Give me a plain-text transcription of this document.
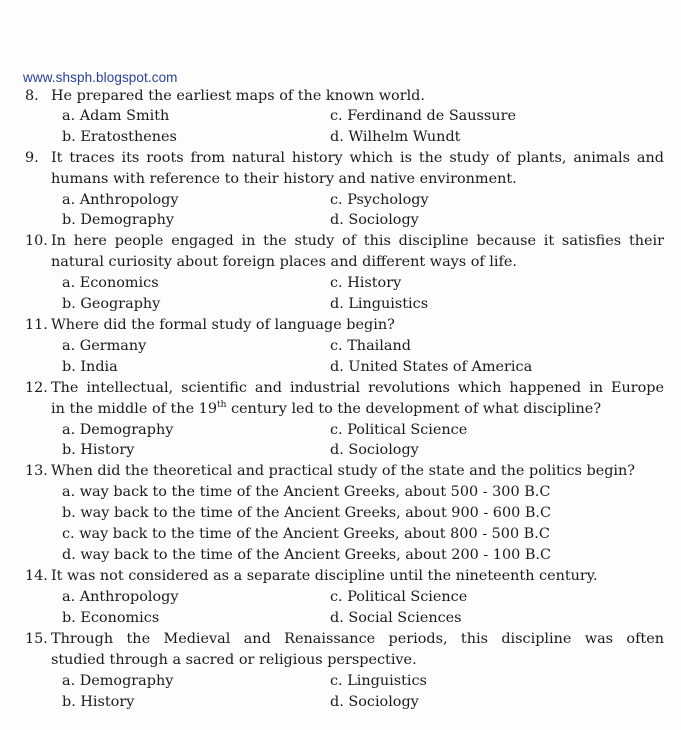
www.shsph.blogspot.com
8. He prepared the earliest maps of the known world.
a. Adam Smith	c. Ferdinand de Saussure
b. Eratosthenes	d. Wilhelm Wundt
9. It traces its roots from natural history which is the study of plants, animals and
humans with reference to their history and native environment.
a. Anthropology	c. Psychology
b. Demography	d. Sociology
10. In here people engaged in the study of this discipline because it satisfies their
natural curiosity about foreign places and different ways of life.
a. Economics	c. History
b. Geography	d. Linguistics
11. Where did the formal study of language begin?
a. Germany	c. Thailand
b. India	d. United States of America
12. The intellectual, scientific and industrial revolutions which happened in Europe
in the middle of the 19th century led to the development of what discipline?
a. Demography	c. Political Science
b. History	d. Sociology
13. When did the theoretical and practical study of the state and the politics begin?
a. way back to the time of the Ancient Greeks, about 500 - 300 B.C
b. way back to the time of the Ancient Greeks, about 900 - 600 B.C
c. way back to the time of the Ancient Greeks, about 800 - 500 B.C
d. way back to the time of the Ancient Greeks, about 200 - 100 B.C
14. It was not considered as a separate discipline until the nineteenth century.
a. Anthropology	c. Political Science
b. Economics	d. Social Sciences
15. Through the Medieval and Renaissance periods, this discipline was often
studied through a sacred or religious perspective.
a. Demography	c. Linguistics
b. History	d. Sociology
